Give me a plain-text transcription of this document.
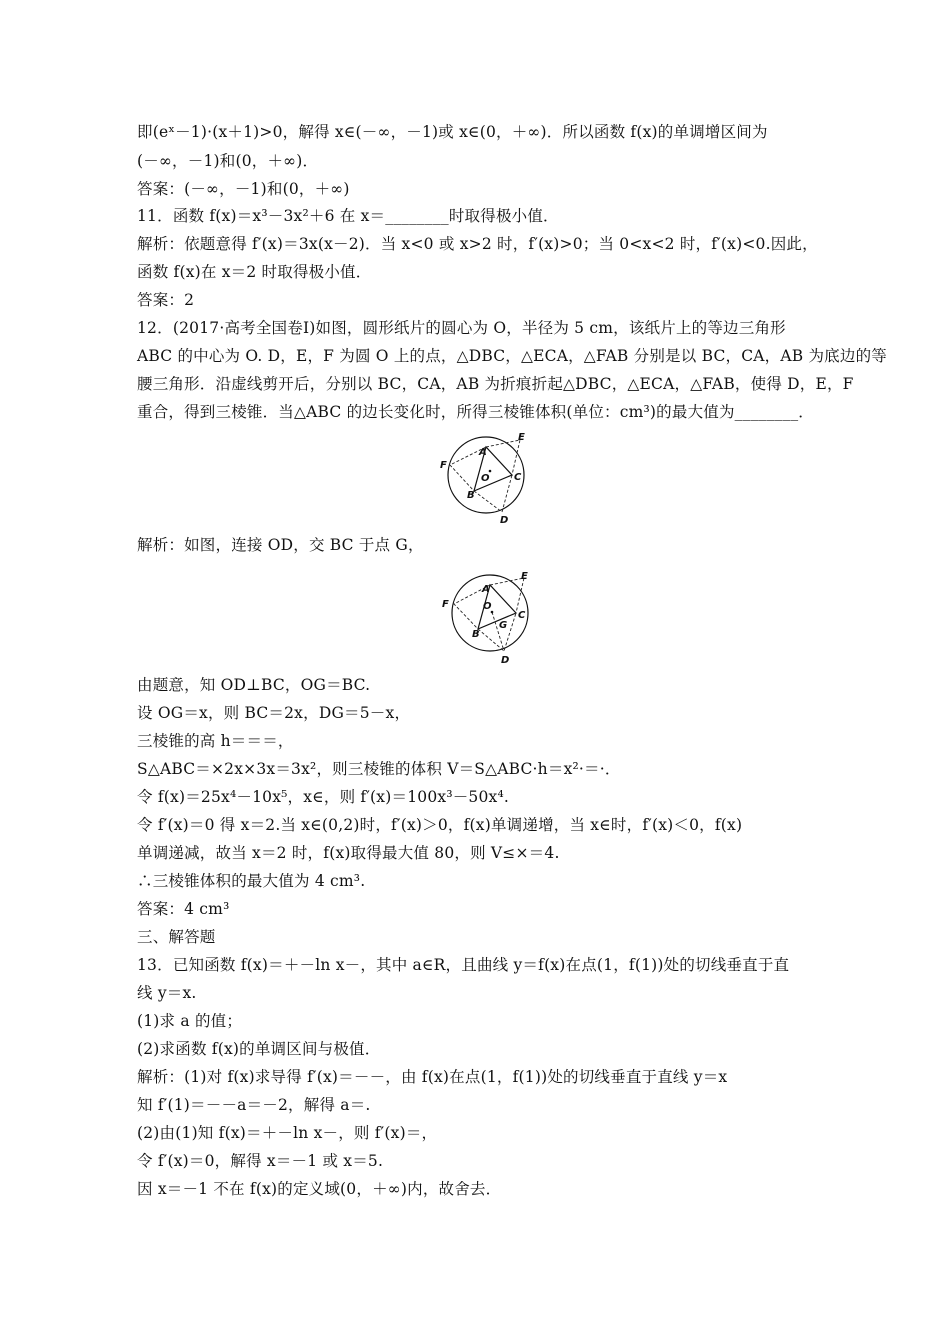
即(eˣ－1)·(x＋1)>0，解得 x∈(－∞，－1)或 x∈(0，＋∞)．所以函数 f(x)的单调增区间为
(－∞，－1)和(0，＋∞)．
答案：(－∞，－1)和(0，＋∞)
11．函数 f(x)＝x³－3x²＋6 在 x＝________时取得极小值．
解析：依题意得 f′(x)＝3x(x－2)．当 x<0 或 x>2 时，f′(x)>0；当 0<x<2 时，f′(x)<0.因此，
函数 f(x)在 x＝2 时取得极小值．
答案：2
12．(2017·高考全国卷Ⅰ)如图，圆形纸片的圆心为 O，半径为 5 cm，该纸片上的等边三角形
ABC 的中心为 O. D，E，F 为圆 O 上的点，△DBC，△ECA，△FAB 分别是以 BC，CA，AB 为底边的等
腰三角形．沿虚线剪开后，分别以 BC，CA，AB 为折痕折起△DBC，△ECA，△FAB，使得 D，E，F
重合，得到三棱锥．当△ABC 的边长变化时，所得三棱锥体积(单位：cm³)的最大值为________．
A
B
C
D
E
F
O
解析：如图，连接 OD，交 BC 于点 G，
A
B
C
D
E
F	O
G
由题意，知 OD⊥BC，OG＝BC.
设 OG＝x，则 BC＝2x，DG＝5－x，
三棱锥的高 h＝＝＝，
S△ABC＝×2x×3x＝3x²，则三棱锥的体积 V＝S△ABC·h＝x²·＝·．
令 f(x)＝25x⁴－10x⁵，x∈，则 f′(x)＝100x³－50x⁴.
令 f′(x)＝0 得 x＝2.当 x∈(0,2)时，f′(x)＞0，f(x)单调递增，当 x∈时，f′(x)＜0，f(x)
单调递减，故当 x＝2 时，f(x)取得最大值 80，则 V≤×＝4.
∴三棱锥体积的最大值为 4 cm³.
答案：4 cm³
三、解答题
13．已知函数 f(x)＝＋－ln x－，其中 a∈R，且曲线 y＝f(x)在点(1，f(1))处的切线垂直于直
线 y＝x.
(1)求 a 的值；
(2)求函数 f(x)的单调区间与极值．
解析：(1)对 f(x)求导得 f′(x)＝－－，由 f(x)在点(1，f(1))处的切线垂直于直线 y＝x
知 f′(1)＝－－a＝－2，解得 a＝.
(2)由(1)知 f(x)＝＋－ln x－，则 f′(x)＝，
令 f′(x)＝0，解得 x＝－1 或 x＝5.
因 x＝－1 不在 f(x)的定义域(0，＋∞)内，故舍去．
